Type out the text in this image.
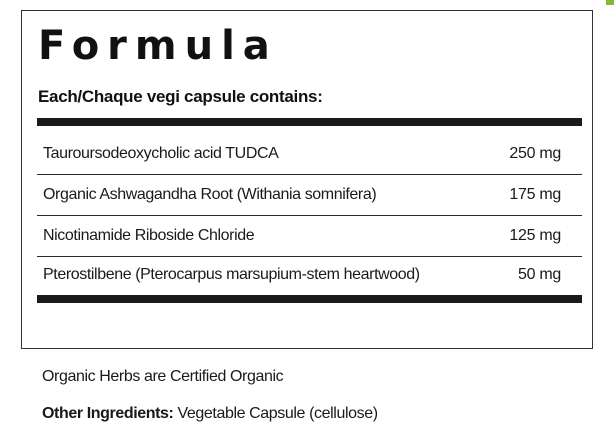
Formula
Each/Chaque vegi capsule contains:
Tauroursodeoxycholic acid TUDCA	250 mg
Organic Ashwagandha Root (Withania somnifera)	175 mg
Nicotinamide Riboside Chloride	125 mg
Pterostilbene (Pterocarpus marsupium-stem heartwood)	50 mg
Organic Herbs are Certified Organic
Other Ingredients: Vegetable Capsule (cellulose)
